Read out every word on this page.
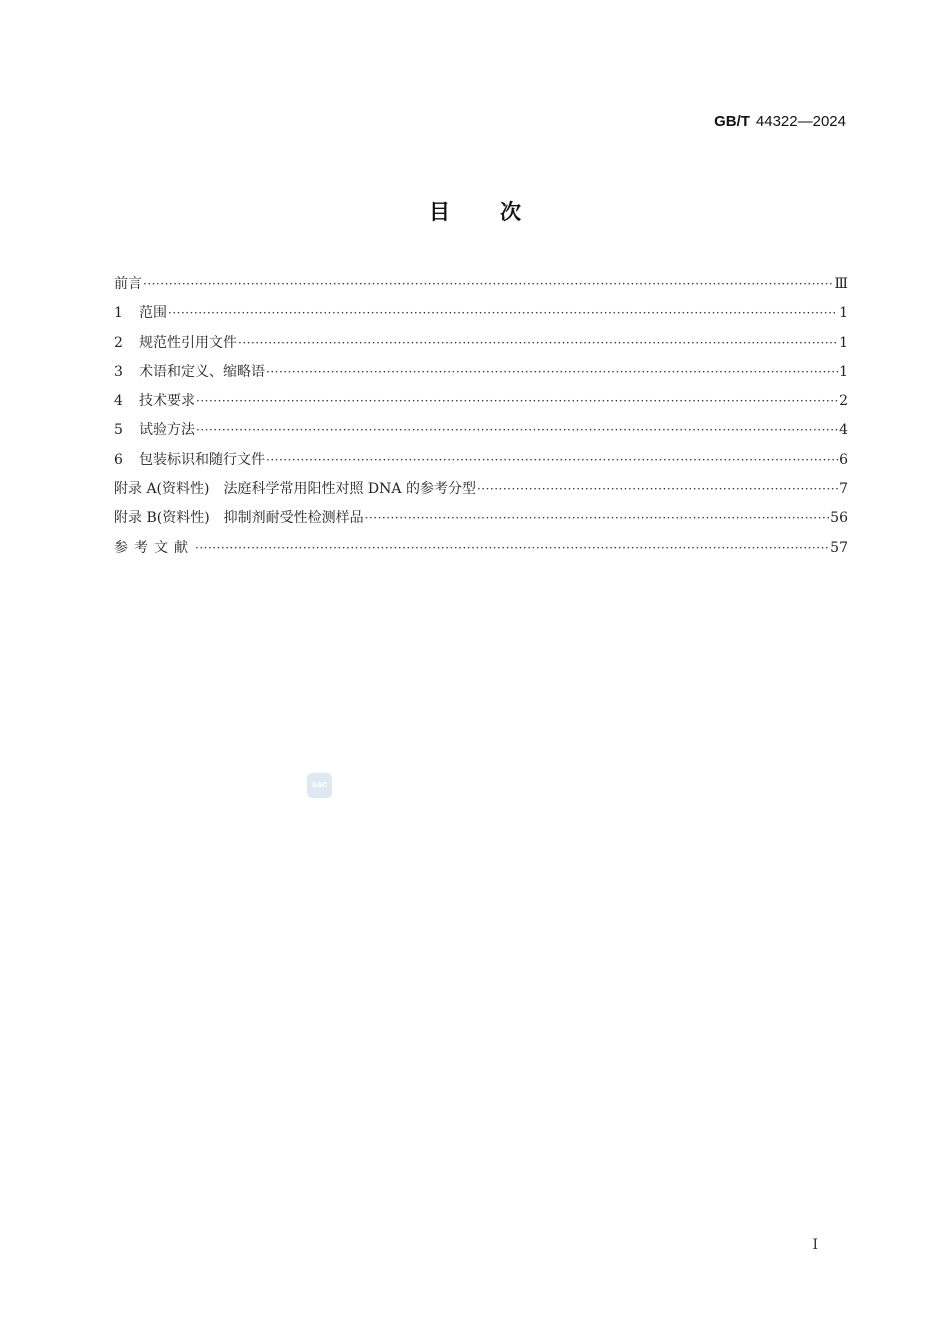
GB/T 44322—2024
目次
前言 ·····	Ⅲ
1	范围 ·····	1
2	规范性引用文件 ·····	1
3	术语和定义、缩略语 ·····	1
4	技术要求 ·····	2
5	试验方法 ·····	4
6	包装标识和随行文件 ·····	6
附录 A(资料性) 法庭科学常用阳性对照 DNA 的参考分型 ·····	7
附录 B(资料性) 抑制剂耐受性检测样品 ·····	56
参考文献 ·····	57
SAC
I
